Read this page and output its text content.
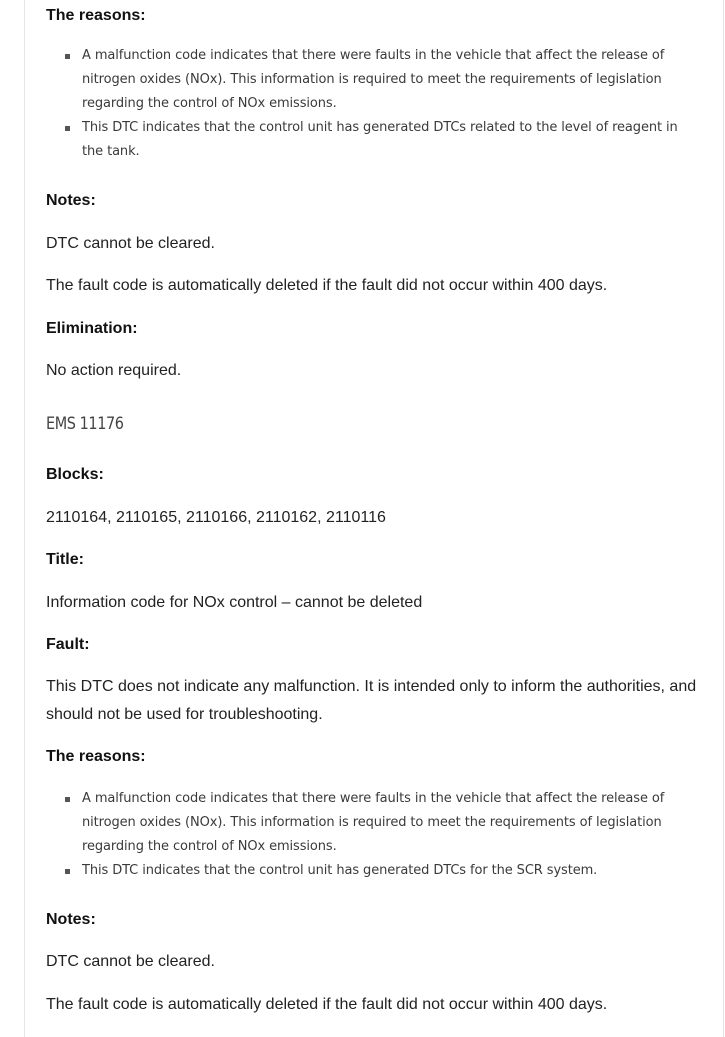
The reasons:
A malfunction code indicates that there were faults in the vehicle that affect the release of nitrogen oxides (NOx). This information is required to meet the requirements of legislation regarding the control of NOx emissions.
This DTC indicates that the control unit has generated DTCs related to the level of reagent in the tank.
Notes:
DTC cannot be cleared.
The fault code is automatically deleted if the fault did not occur within 400 days.
Elimination:
No action required.
EMS 11176
Blocks:
2110164, 2110165, 2110166, 2110162, 2110116
Title:
Information code for NOx control – cannot be deleted
Fault:
This DTC does not indicate any malfunction. It is intended only to inform the authorities, and should not be used for troubleshooting.
The reasons:
A malfunction code indicates that there were faults in the vehicle that affect the release of nitrogen oxides (NOx). This information is required to meet the requirements of legislation regarding the control of NOx emissions.
This DTC indicates that the control unit has generated DTCs for the SCR system.
Notes:
DTC cannot be cleared.
The fault code is automatically deleted if the fault did not occur within 400 days.
